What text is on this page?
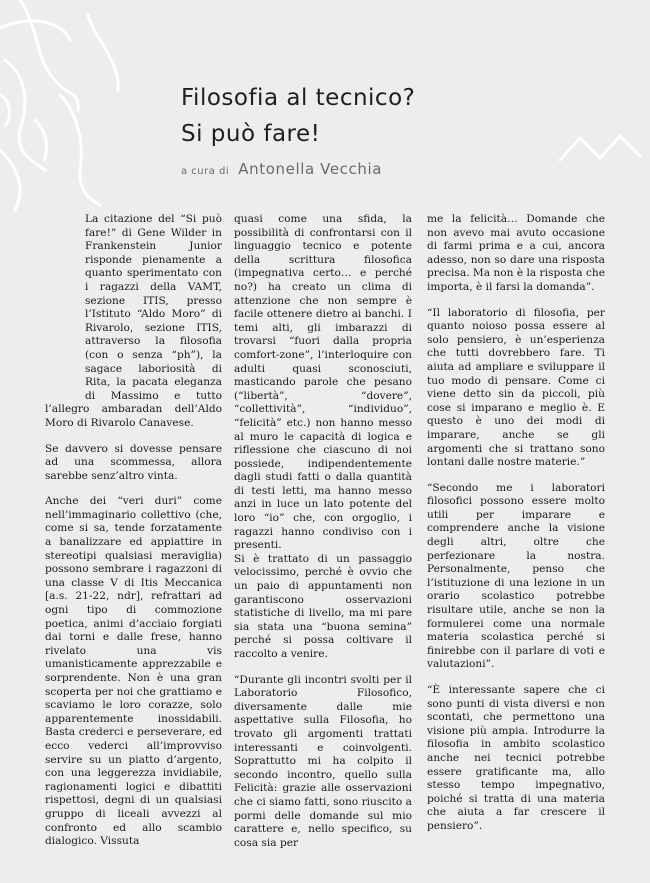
Filosofia al tecnico?
Si può fare!
a cura di Antonella Vecchia

La citazione del “Si può fare!” di Gene Wilder in Frankenstein Junior risponde pienamente a quanto sperimentato con i ragazzi della VAMT, sezione ITIS, presso l’Istituto “Aldo Moro” di Rivarolo, sezione ITIS, attraverso la filosofia (con o senza “ph”), la sagace laboriosità di Rita, la pacata eleganza di Massimo e tutto l’allegro ambaradan dell’Aldo Moro di Rivarolo Canavese.

Se davvero si dovesse pensare ad una scommessa, allora sarebbe senz’altro vinta.

Anche dei “veri duri” come nell’immaginario collettivo (che, come si sa, tende forzatamente a banalizzare ed appiattire in stereotipi qualsiasi meraviglia) possono sembrare i ragazzoni di una classe V di Itis Meccanica [a.s. 21-22, ndr], refrattari ad ogni tipo di commozione poetica, animi d’acciaio forgiati dai torni e dalle frese, hanno rivelato una vis umanisticamente apprezzabile e sorprendente. Non è una gran scoperta per noi che grattiamo e scaviamo le loro corazze, solo apparentemente inossidabili. Basta crederci e perseverare, ed ecco vederci all’improvviso servire su un piatto d’argento, con una leggerezza invidiabile, ragionamenti logici e dibattiti rispettosi, degni di un qualsiasi gruppo di liceali avvezzi al confronto ed allo scambio dialogico. Vissuta

quasi come una sfida, la possibilità di confrontarsi con il linguaggio tecnico e potente della scrittura filosofica (impegnativa certo… e perché no?) ha creato un clima di attenzione che non sempre è facile ottenere dietro ai banchi. I temi alti, gli imbarazzi di trovarsi “fuori dalla propria comfort-zone”, l’interloquire con adulti quasi sconosciuti, masticando parole che pesano (“libertà”, “dovere”, “collettività”, “individuo”, “felicità” etc.) non hanno messo al muro le capacità di logica e riflessione che ciascuno di noi possiede, indipendentemente dagli studi fatti o dalla quantità di testi letti, ma hanno messo anzi in luce un lato potente del loro “io” che, con orgoglio, i ragazzi hanno condiviso con i presenti.

Si è trattato di un passaggio velocissimo, perché è ovvio che un paio di appuntamenti non garantiscono osservazioni statistiche di livello, ma mi pare sia stata una “buona semina” perché si possa coltivare il raccolto a venire.

“Durante gli incontri svolti per il Laboratorio Filosofico, diversamente dalle mie aspettative sulla Filosofia, ho trovato gli argomenti trattati interessanti e coinvolgenti. Soprattutto mi ha colpito il secondo incontro, quello sulla Felicità: grazie alle osservazioni che ci siamo fatti, sono riuscito a pormi delle domande sul mio carattere e, nello specifico, su cosa sia per

me la felicità… Domande che non avevo mai avuto occasione di farmi prima e a cui, ancora adesso, non so dare una risposta precisa. Ma non è la risposta che importa, è il farsi la domanda”.

“Il laboratorio di filosofia, per quanto noioso possa essere al solo pensiero, è un’esperienza che tutti dovrebbero fare. Ti aiuta ad ampliare e sviluppare il tuo modo di pensare. Come ci viene detto sin da piccoli, più cose si imparano e meglio è. E questo è uno dei modi di imparare, anche se gli argomenti che si trattano sono lontani dalle nostre materie.”

“Secondo me i laboratori filosofici possono essere molto utili per imparare e comprendere anche la visione degli altri, oltre che perfezionare la nostra. Personalmente, penso che l’istituzione di una lezione in un orario scolastico potrebbe risultare utile, anche se non la formulerei come una normale materia scolastica perché si finirebbe con il parlare di voti e valutazioni”.

“È interessante sapere che ci sono punti di vista diversi e non scontati, che permettono una visione più ampia. Introdurre la filosofia in ambito scolastico anche nei tecnici potrebbe essere gratificante ma, allo stesso tempo impegnativo, poiché si tratta di una materia che aiuta a far crescere il pensiero”.
